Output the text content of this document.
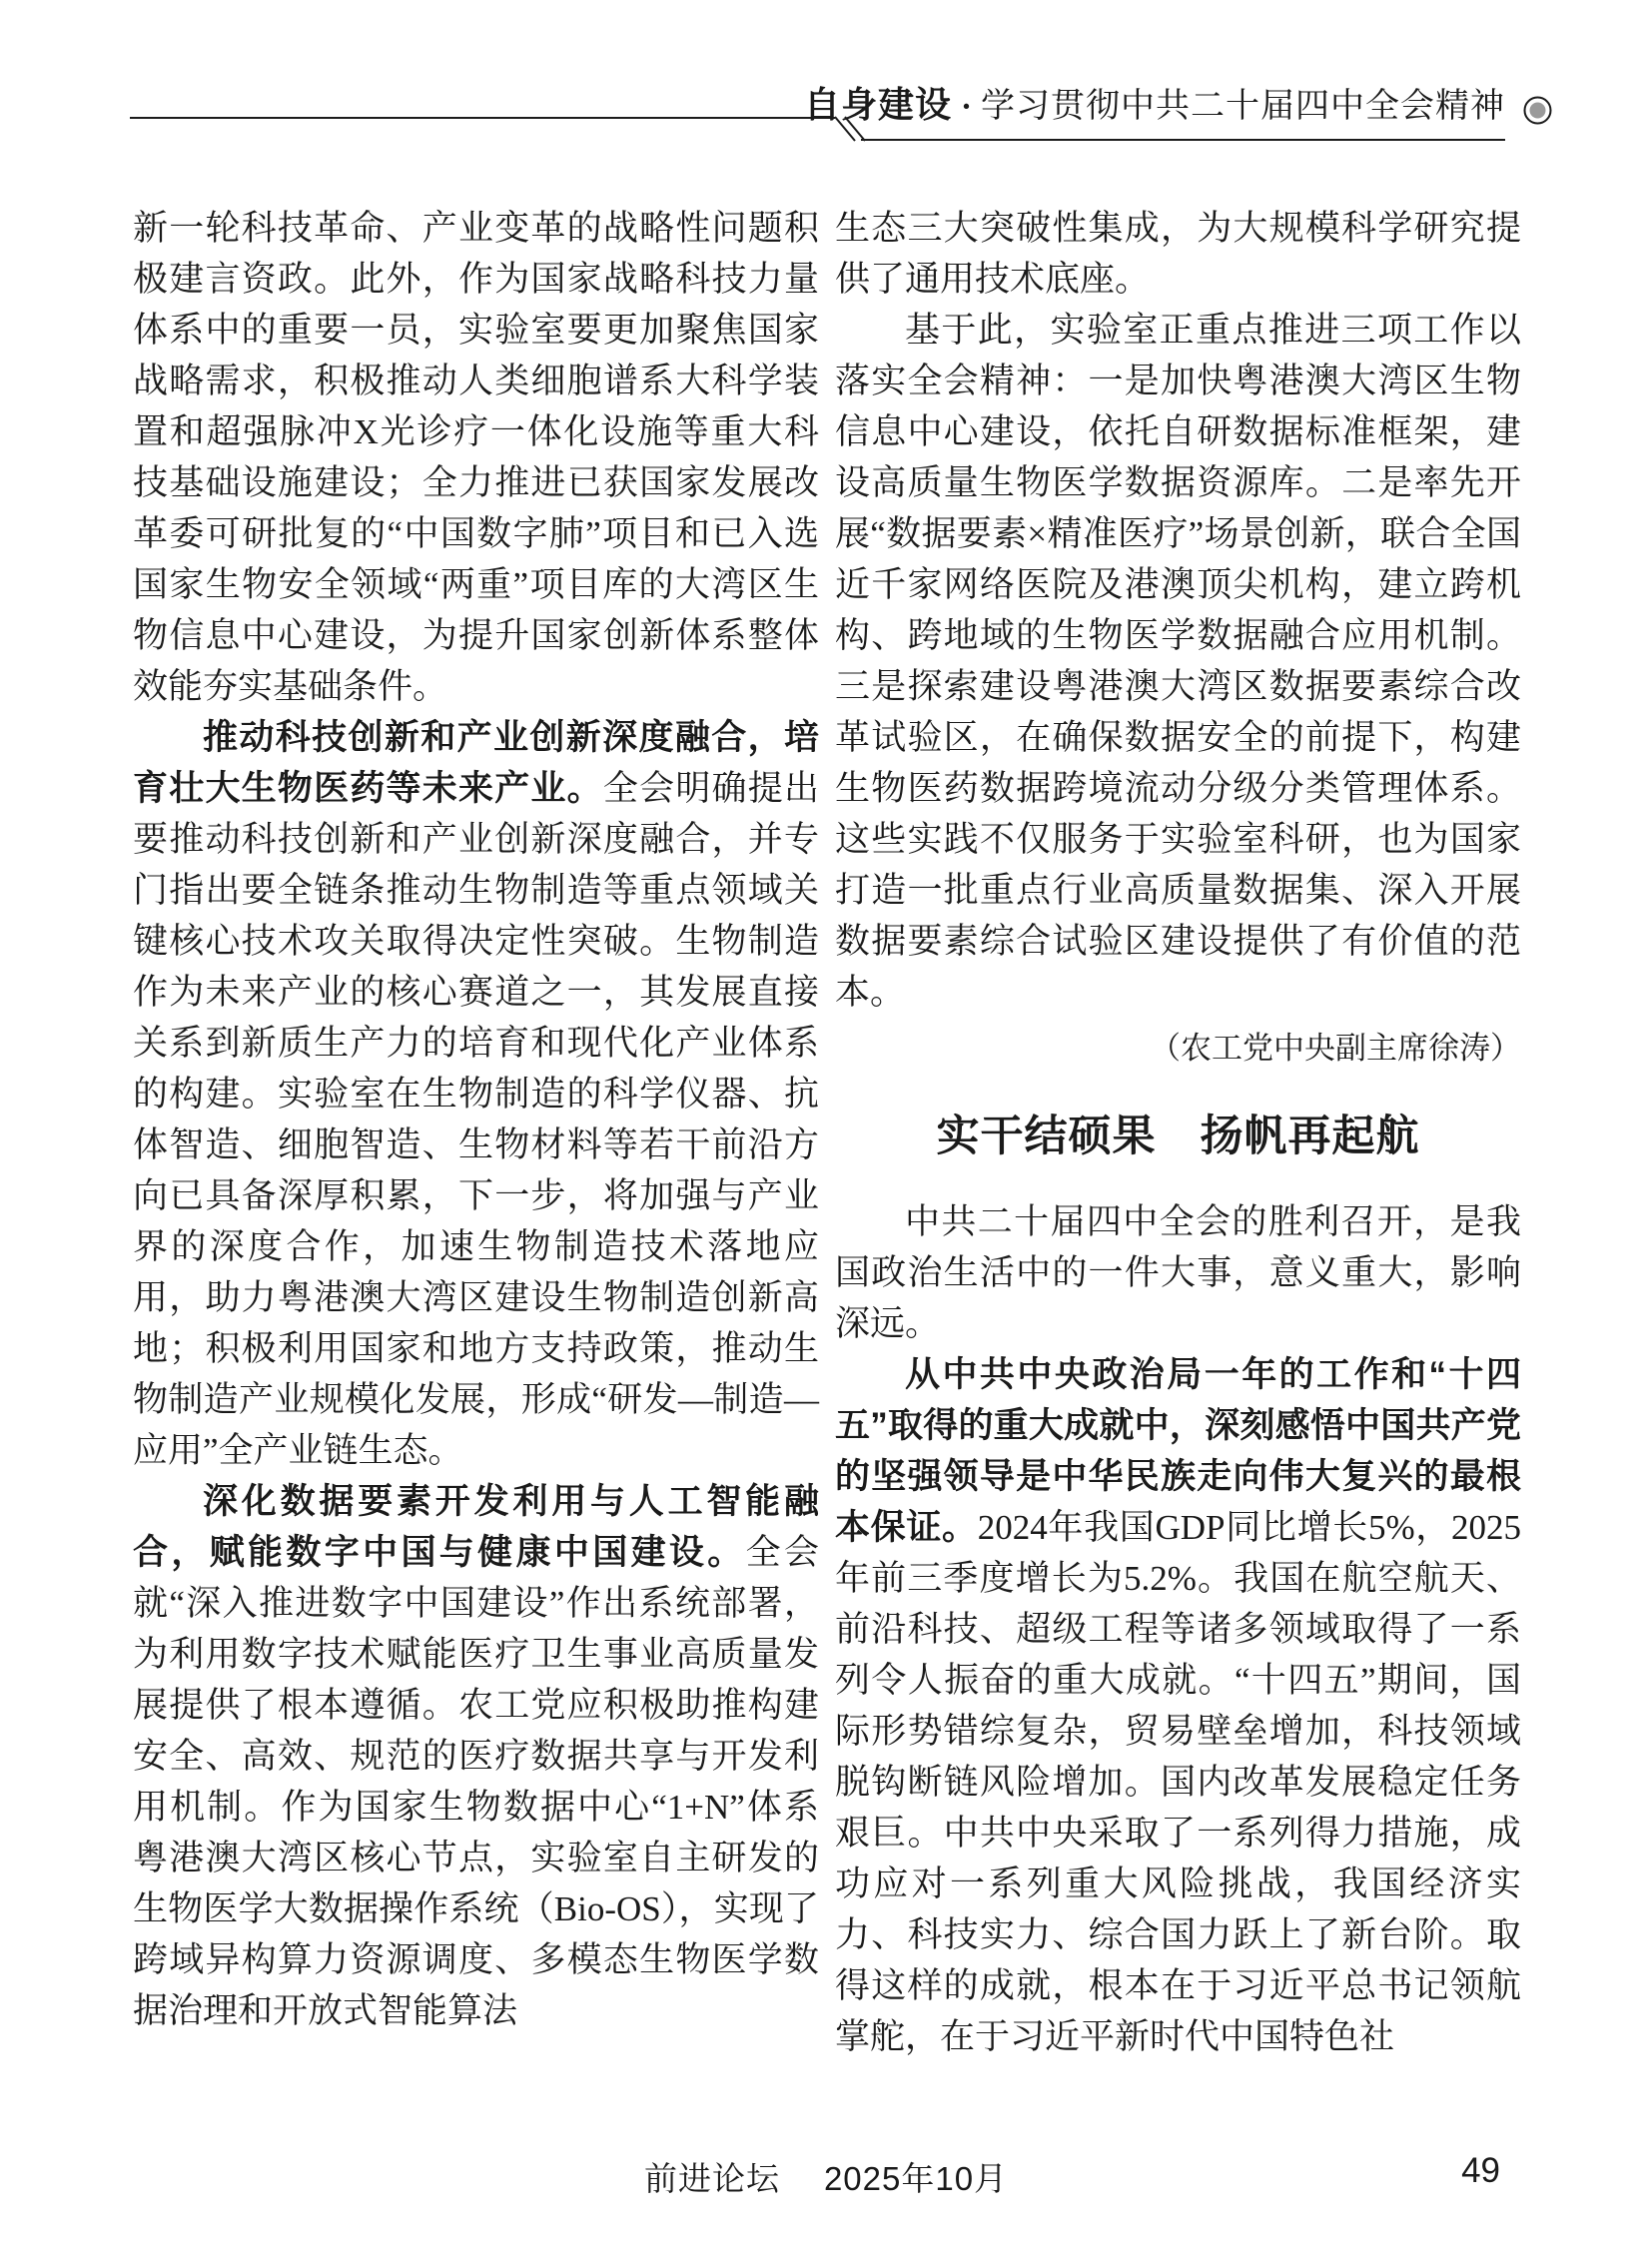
自身建设 · 学习贯彻中共二十届四中全会精神

新一轮科技革命、产业变革的战略性问题积极建言资政。此外，作为国家战略科技力量体系中的重要一员，实验室要更加聚焦国家战略需求，积极推动人类细胞谱系大科学装置和超强脉冲X光诊疗一体化设施等重大科技基础设施建设；全力推进已获国家发展改革委可研批复的“中国数字肺”项目和已入选国家生物安全领域“两重”项目库的大湾区生物信息中心建设，为提升国家创新体系整体效能夯实基础条件。

推动科技创新和产业创新深度融合，培育壮大生物医药等未来产业。全会明确提出要推动科技创新和产业创新深度融合，并专门指出要全链条推动生物制造等重点领域关键核心技术攻关取得决定性突破。生物制造作为未来产业的核心赛道之一，其发展直接关系到新质生产力的培育和现代化产业体系的构建。实验室在生物制造的科学仪器、抗体智造、细胞智造、生物材料等若干前沿方向已具备深厚积累，下一步，将加强与产业界的深度合作，加速生物制造技术落地应用，助力粤港澳大湾区建设生物制造创新高地；积极利用国家和地方支持政策，推动生物制造产业规模化发展，形成“研发—制造—应用”全产业链生态。

深化数据要素开发利用与人工智能融合，赋能数字中国与健康中国建设。全会就“深入推进数字中国建设”作出系统部署，为利用数字技术赋能医疗卫生事业高质量发展提供了根本遵循。农工党应积极助推构建安全、高效、规范的医疗数据共享与开发利用机制。作为国家生物数据中心“1+N”体系粤港澳大湾区核心节点，实验室自主研发的生物医学大数据操作系统（Bio-OS），实现了跨域异构算力资源调度、多模态生物医学数据治理和开放式智能算法

生态三大突破性集成，为大规模科学研究提供了通用技术底座。

基于此，实验室正重点推进三项工作以落实全会精神：一是加快粤港澳大湾区生物信息中心建设，依托自研数据标准框架，建设高质量生物医学数据资源库。二是率先开展“数据要素×精准医疗”场景创新，联合全国近千家网络医院及港澳顶尖机构，建立跨机构、跨地域的生物医学数据融合应用机制。三是探索建设粤港澳大湾区数据要素综合改革试验区，在确保数据安全的前提下，构建生物医药数据跨境流动分级分类管理体系。这些实践不仅服务于实验室科研，也为国家打造一批重点行业高质量数据集、深入开展数据要素综合试验区建设提供了有价值的范本。

（农工党中央副主席徐涛）

实干结硕果　扬帆再起航

中共二十届四中全会的胜利召开，是我国政治生活中的一件大事，意义重大，影响深远。

从中共中央政治局一年的工作和“十四五”取得的重大成就中，深刻感悟中国共产党的坚强领导是中华民族走向伟大复兴的最根本保证。2024年我国GDP同比增长5%，2025年前三季度增长为5.2%。我国在航空航天、前沿科技、超级工程等诸多领域取得了一系列令人振奋的重大成就。“十四五”期间，国际形势错综复杂，贸易壁垒增加，科技领域脱钩断链风险增加。国内改革发展稳定任务艰巨。中共中央采取了一系列得力措施，成功应对一系列重大风险挑战，我国经济实力、科技实力、综合国力跃上了新台阶。取得这样的成就，根本在于习近平总书记领航掌舵，在于习近平新时代中国特色社

前进论坛 2025年10月	49
